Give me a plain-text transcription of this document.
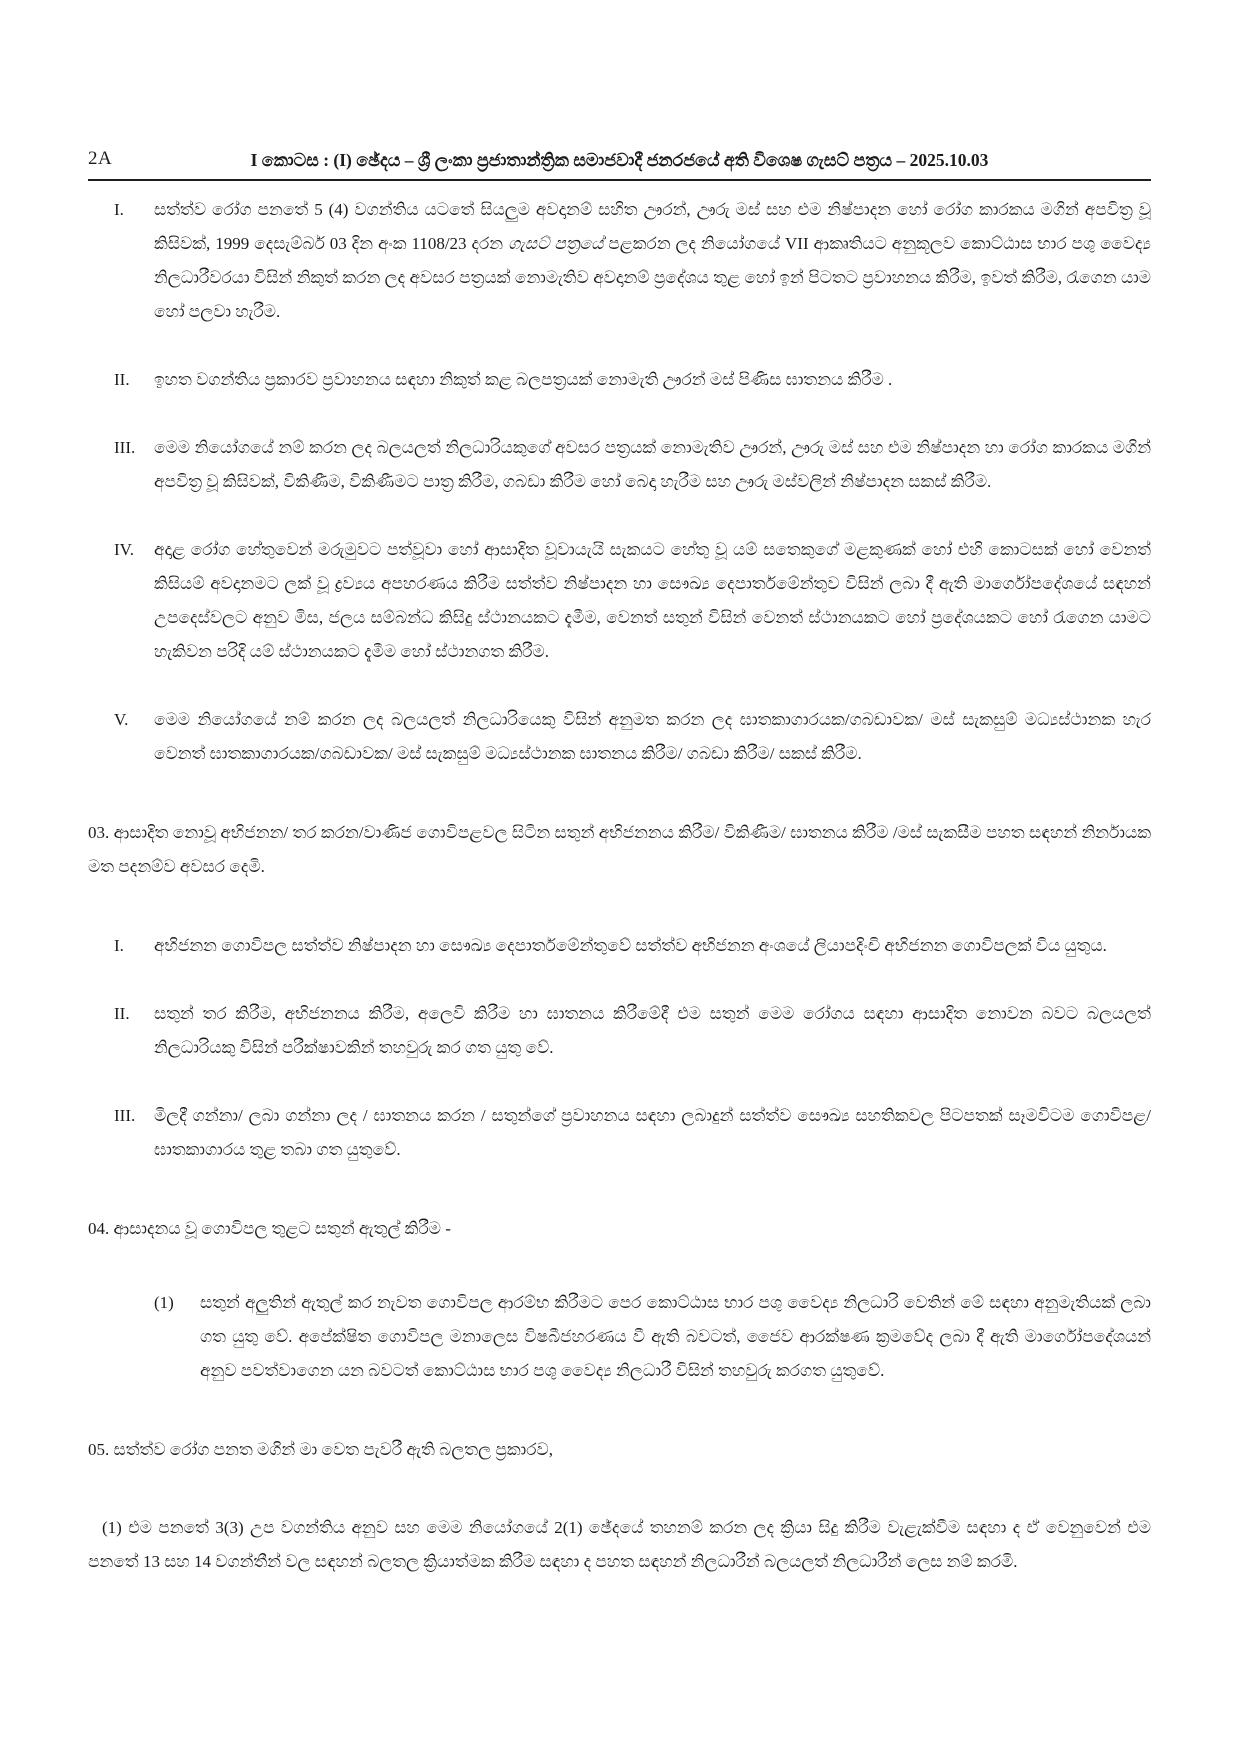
2A	I කොටස : (I) ඡේදය – ශ්‍රී ලංකා ප්‍රජාතාන්ත්‍රික සමාජවාදී ජනරජයේ අති විශෙෂ ගැසට් පත්‍රය – 2025.10.03
I.	සත්ත්ව රෝග පනතේ 5 (4) වගන්තිය යටතේ සියලුම අවදානම් සහිත ඌරන්, ඌරු මස් සහ එම නිෂ්පාදන හෝ රෝග කාරකය මගින් අපවිත්‍ර වූ කිසිවක්, 1999 දෙසැම්බර් 03 දින අංක 1108/23 දරන ගැසට් පත්‍රයේ පළකරන ලද නියෝගයේ VII ආකෘතියට අනුකූලව කොට්ඨාස භාර පශු වෛද්‍ය නිලධාරීවරයා විසින් නිකුත් කරන ලද අවසර පත්‍රයක් නොමැතිව අවදානම් ප්‍රදේශය තුළ හෝ ඉන් පිටතට ප්‍රවාහනය කිරීම, ඉවත් කිරීම, රැගෙන යාම හෝ පලවා හැරීම.
II.	ඉහත වගන්තිය ප්‍රකාරව ප්‍රවාහනය සඳහා නිකුත් කළ බලපත්‍රයක් නොමැති ඌරන් මස් පිණිස ඝාතනය කිරීම .
III.	මෙම නියෝගයේ නම් කරන ලද බලයලත් නිලධාරියකුගේ අවසර පත්‍රයක් නොමැතිව ඌරන්, ඌරු මස් සහ එම නිෂ්පාදන හා රෝග කාරකය මගින් අපවිත්‍ර වූ කිසිවක්, විකිණීම, විකිණීමට පාත්‍ර කිරීම, ගබඩා කිරීම හෝ බෙදා හැරීම සහ ඌරු මස්වලින් නිෂ්පාදන සකස් කිරීම.
IV.	අදාළ රෝග හේතුවෙන් මරුමුවට පත්වූවා හෝ ආසාදිත වූවායැයි සැකයට හේතු වූ යම් සතෙකුගේ මළකුණක් හෝ එහි කොටසක් හෝ වෙනත් කිසියම් අවදානමට ලක් වූ ද්‍රව්‍යය අපහරණය කිරීම සත්ත්ව නිෂ්පාදන හා සෞඛ්‍ය දෙපාර්තමේන්තුව විසින් ලබා දී ඇති මාර්ගෝපදේශයේ සඳහන් උපදෙස්වලට අනුව මිස, ජලය සම්බන්ධ කිසිදු ස්ථානයකට දැමීම, වෙනත් සතුන් විසින් වෙනත් ස්ථානයකට හෝ ප්‍රදේශයකට හෝ රැගෙන යාමට හැකිවන පරිදි යම් ස්ථානයකට දැමීම හෝ ස්ථානගත කිරීම.
V.	මෙම නියෝගයේ නම් කරන ලද බලයලත් නිලධාරියෙකු විසින් අනුමත කරන ලද ඝාතකාගාරයක/ගබඩාවක/ මස් සැකසුම් මධ්‍යස්ථානක හැර වෙනත් ඝාතකාගාරයක/ගබඩාවක/ මස් සැකසුම් මධ්‍යස්ථානක ඝාතනය කිරීම/ ගබඩා කිරීම/ සකස් කිරීම.
03. ආසාදිත නොවූ අභිජනන/ තර කරන/වාණිජ ගොවිපළවල සිටින සතුන් අභිජනනය කිරීම/ විකිණීම/ ඝාතනය කිරීම /මස් සැකසීම පහත සඳහන් නිර්නායක මත පදනම්ව අවසර දෙමි.
I.	අභිජනන ගොවිපල සත්ත්ව නිෂ්පාදන හා සෞඛ්‍ය දෙපාර්තමේන්තුවේ සත්ත්ව අභිජනන අංශයේ ලියාපදිංචි අභිජනන ගොවිපලක් විය යුතුය.
II.	සතුන් තර කිරීම, අභිජනනය කිරීම, අලෙවි කිරීම හා ඝාතනය කිරීමේදී එම සතුන් මෙම රෝගය සඳහා ආසාදිත නොවන බවට බලයලත් නිලධාරියකු විසින් පරීක්ෂාවකින් තහවුරු කර ගත යුතු වේ.
III.	මිලදී ගන්නා/ ලබා ගන්නා ලද / ඝාතනය කරන / සතුන්ගේ ප්‍රවාහනය සඳහා ලබාදුන් සත්ත්ව සෞඛ්‍ය සහතිකවල පිටපතක් සෑමවිටම ගොවිපළ/ ඝාතකාගාරය තුළ තබා ගත යුතුවේ.
04. ආසාදනය වූ ගොවිපල තුළට සතුන් ඇතුල් කිරීම -
(1)	සතුන් අලුතින් ඇතුල් කර නැවත ගොවිපල ආරම්භ කිරීමට පෙර කොට්ඨාස භාර පශු වෛද්‍ය නිලධාරි වෙතින් මේ සඳහා අනුමැතියක් ලබා ගත යුතු වේ. අපේක්ෂිත ගොවිපල මනාලෙස විෂබීජහරණය වී ඇති බවටත්, ජෛව ආරක්ෂණ ක්‍රමවේද ලබා දී ඇති මාර්ගෝපදේශයන් අනුව පවත්වාගෙන යන බවටත් කොට්ඨාස භාර පශු වෛද්‍ය නිලධාරී විසින් තහවුරු කරගත යුතුවේ.
05. සත්ත්ව රෝග පනත මගින් මා වෙත පැවරී ඇති බලතල ප්‍රකාරව,
(1) එම පනතේ 3(3) උප වගන්තිය අනුව සහ මෙම නියෝගයේ 2(1) ඡේදයේ තහනම් කරන ලද ක්‍රියා සිදු කිරීම වැළැක්වීම සඳහා ද ඒ වෙනුවෙන් එම පනතේ 13 සහ 14 වගන්තීන් වල සඳහන් බලතල ක්‍රියාත්මක කිරීම සඳහා ද පහත සඳහන් නිලධාරීන් බලයලත් නිලධාරීන් ලෙස නම් කරමි.
